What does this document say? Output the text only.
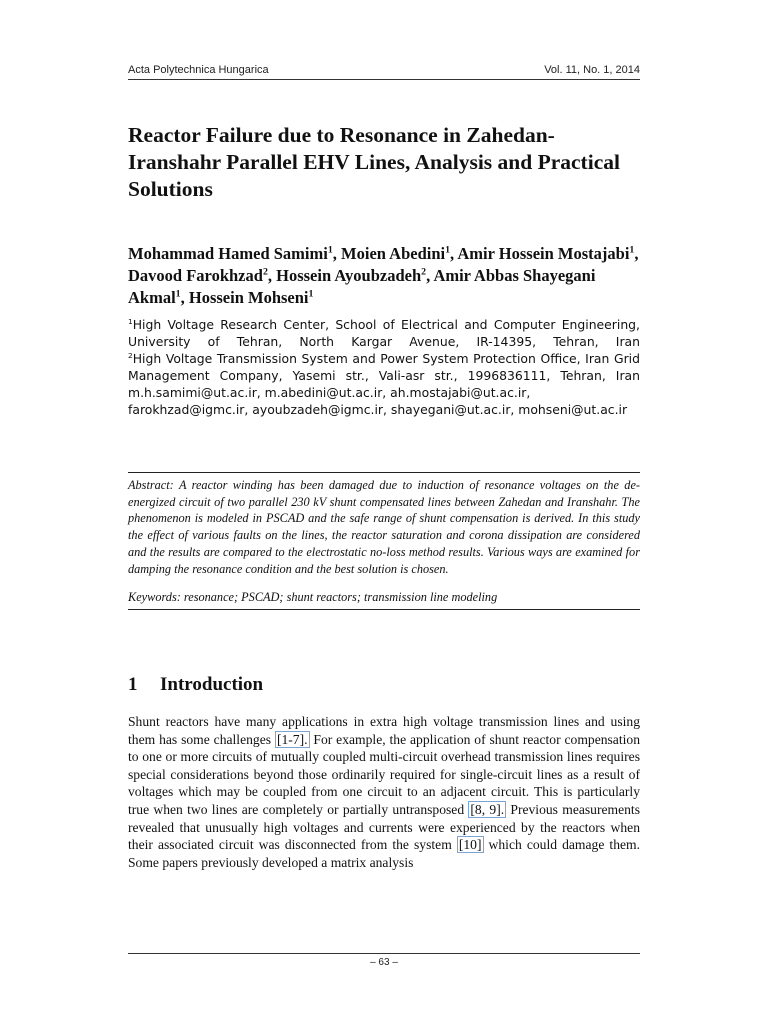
Acta Polytechnica Hungarica	Vol. 11, No. 1, 2014
Reactor Failure due to Resonance in Zahedan-Iranshahr Parallel EHV Lines, Analysis and Practical Solutions

Mohammad Hamed Samimi$^1$, Moien Abedini$^1$, Amir Hossein Mostajabi$^1$, Davood Farokhzad$^2$, Hossein Ayoubzadeh$^2$, Amir Abbas Shayegani Akmal$^1$, Hossein Mohseni$^1$

$^1$High Voltage Research Center, School of Electrical and Computer Engineering, University of Tehran, North Kargar Avenue, IR-14395, Tehran, Iran
$^2$High Voltage Transmission System and Power System Protection Office, Iran Grid Management Company, Yasemi str., Vali-asr str., 1996836111, Tehran, Iran
m.h.samimi@ut.ac.ir, m.abedini@ut.ac.ir, ah.mostajabi@ut.ac.ir,
farokhzad@igmc.ir, ayoubzadeh@igmc.ir, shayegani@ut.ac.ir, mohseni@ut.ac.ir

Abstract: A reactor winding has been damaged due to induction of resonance voltages on the de-energized circuit of two parallel 230 kV shunt compensated lines between Zahedan and Iranshahr. The phenomenon is modeled in PSCAD and the safe range of shunt compensation is derived. In this study the effect of various faults on the lines, the reactor saturation and corona dissipation are considered and the results are compared to the electrostatic no-loss method results. Various ways are examined for damping the resonance condition and the best solution is chosen.

Keywords: resonance; PSCAD; shunt reactors; transmission line modeling

1 Introduction

Shunt reactors have many applications in extra high voltage transmission lines and using them has some challenges [1-7]. For example, the application of shunt reactor compensation to one or more circuits of mutually coupled multi-circuit overhead transmission lines requires special considerations beyond those ordinarily required for single-circuit lines as a result of voltages which may be coupled from one circuit to an adjacent circuit. This is particularly true when two lines are completely or partially untransposed [8, 9]. Previous measurements revealed that unusually high voltages and currents were experienced by the reactors when their associated circuit was disconnected from the system [10] which could damage them. Some papers previously developed a matrix analysis

– 63 –
